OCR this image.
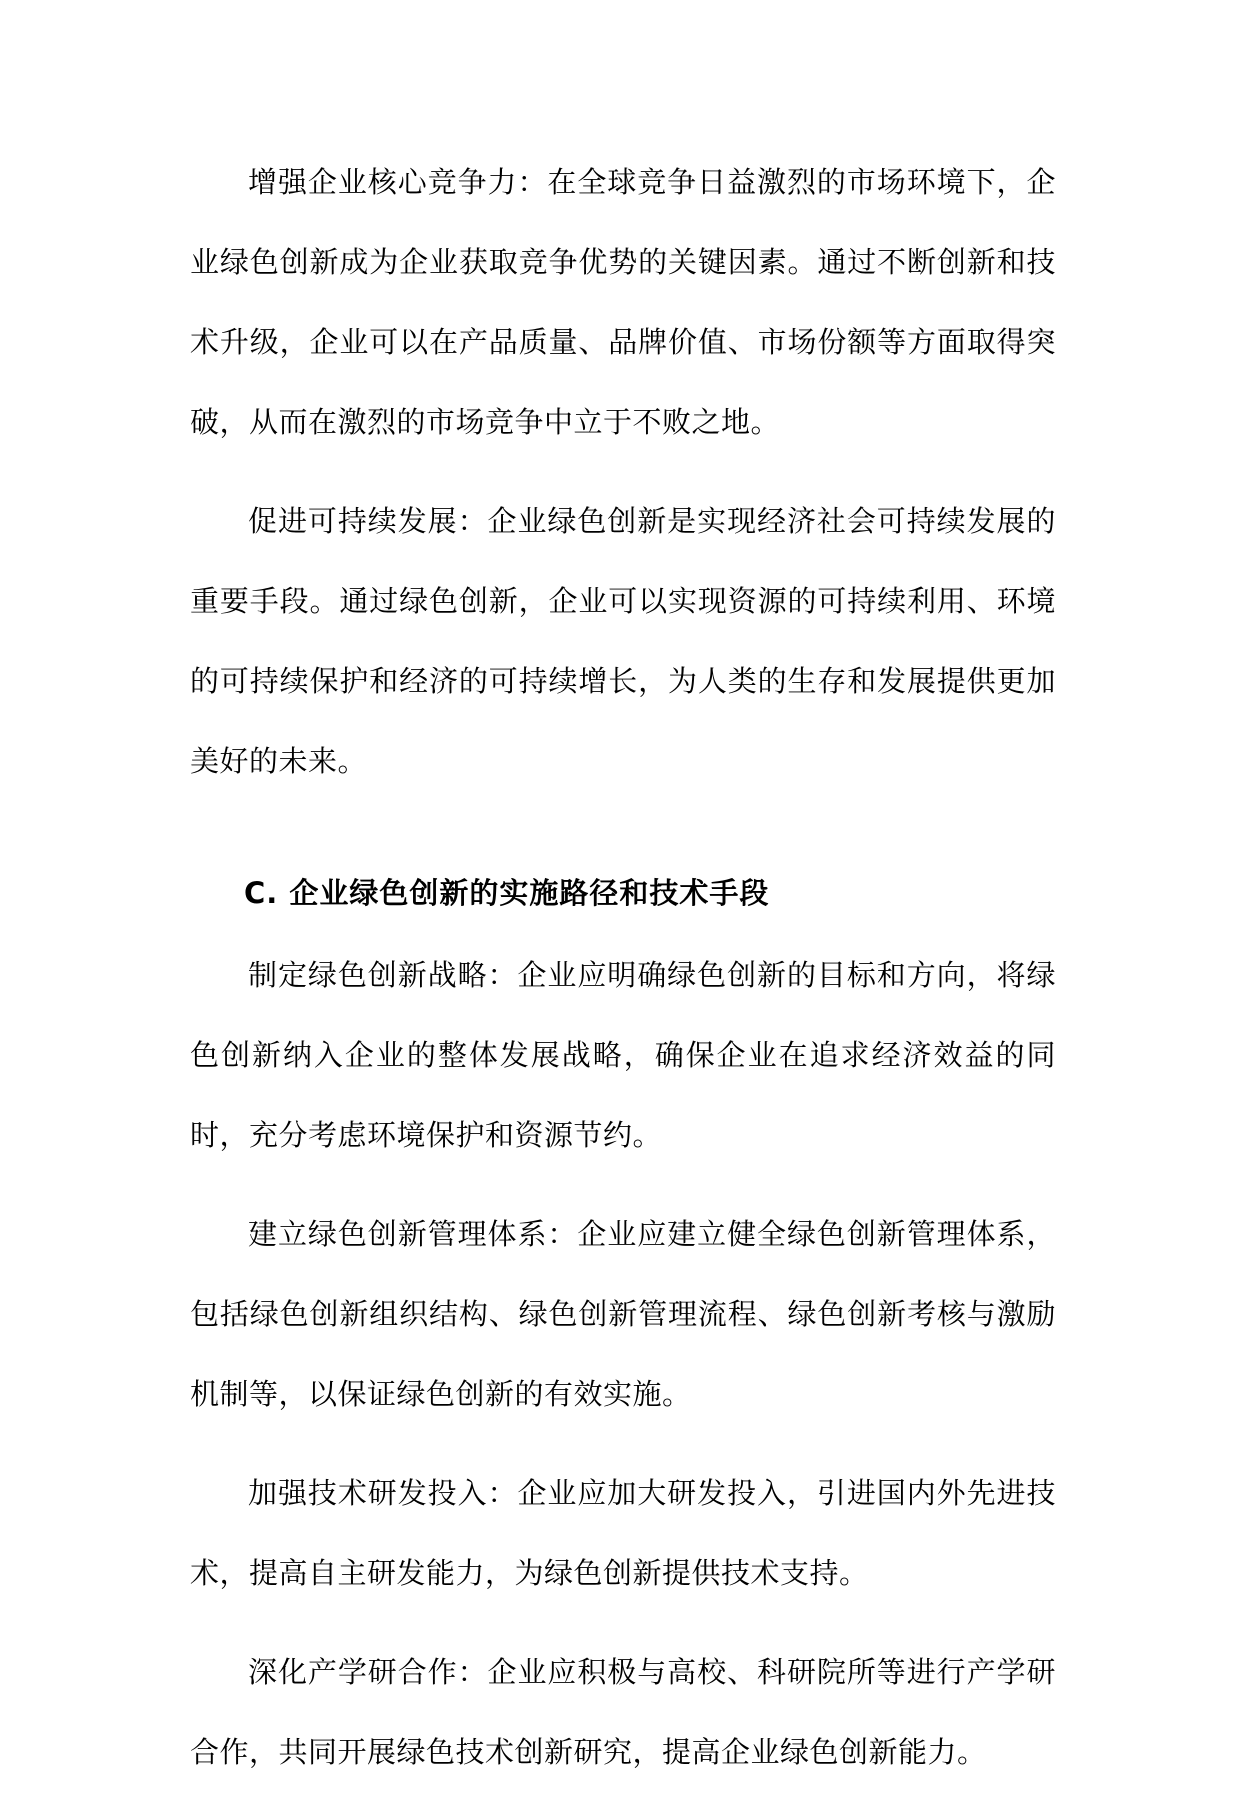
增强企业核心竞争力：在全球竞争日益激烈的市场环境下，企业绿色创新成为企业获取竞争优势的关键因素。通过不断创新和技术升级，企业可以在产品质量、品牌价值、市场份额等方面取得突破，从而在激烈的市场竞争中立于不败之地。

促进可持续发展：企业绿色创新是实现经济社会可持续发展的重要手段。通过绿色创新，企业可以实现资源的可持续利用、环境的可持续保护和经济的可持续增长，为人类的生存和发展提供更加美好的未来。

C. 企业绿色创新的实施路径和技术手段

制定绿色创新战略：企业应明确绿色创新的目标和方向，将绿色创新纳入企业的整体发展战略，确保企业在追求经济效益的同时，充分考虑环境保护和资源节约。

建立绿色创新管理体系：企业应建立健全绿色创新管理体系，包括绿色创新组织结构、绿色创新管理流程、绿色创新考核与激励机制等，以保证绿色创新的有效实施。

加强技术研发投入：企业应加大研发投入，引进国内外先进技术，提高自主研发能力，为绿色创新提供技术支持。

深化产学研合作：企业应积极与高校、科研院所等进行产学研合作，共同开展绿色技术创新研究，提高企业绿色创新能力。
